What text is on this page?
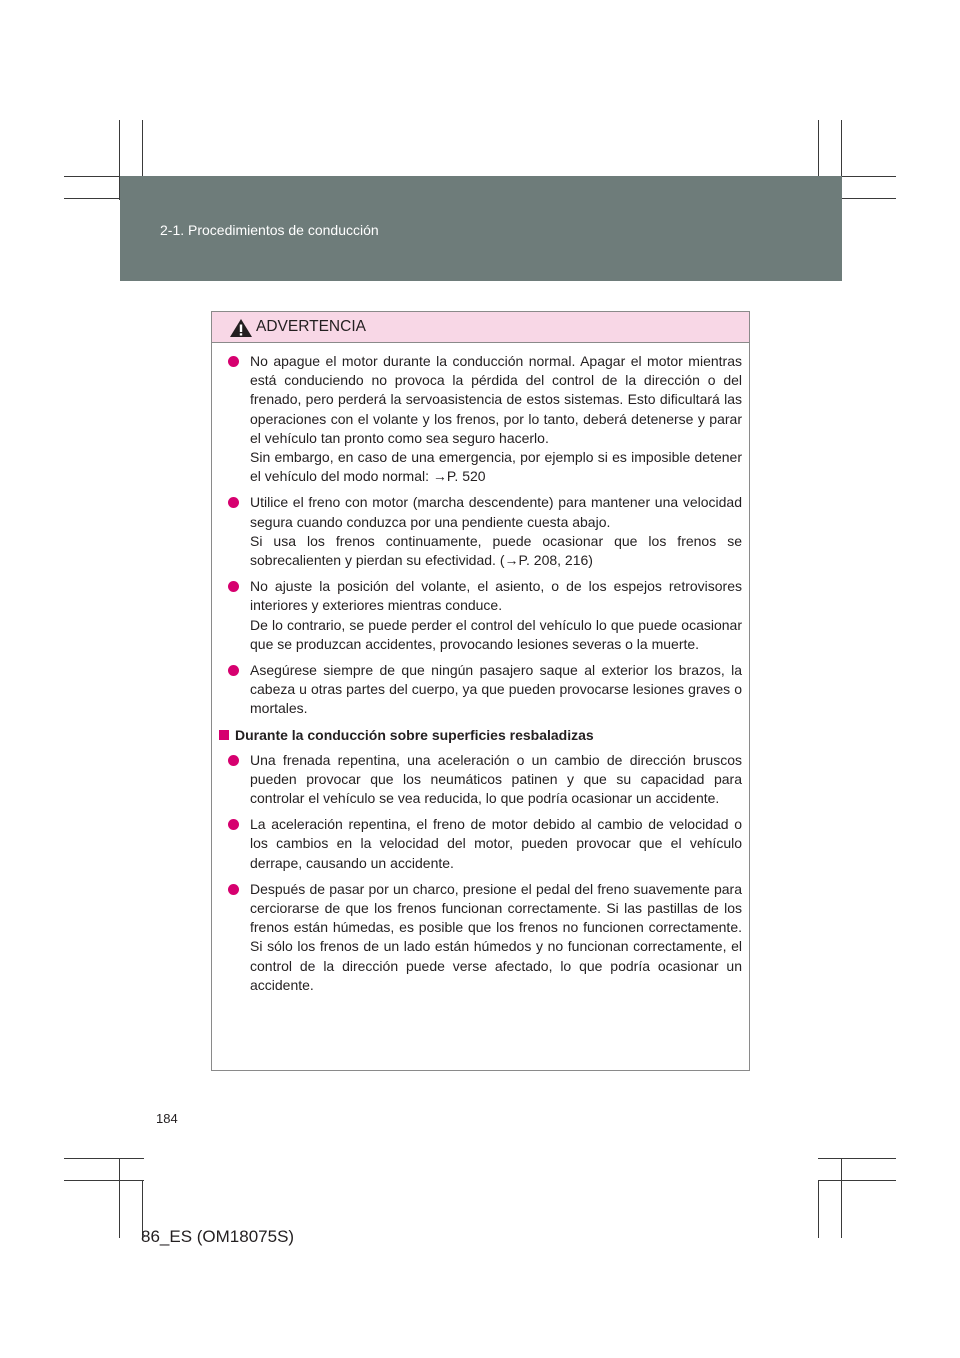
2-1. Procedimientos de conducción
ADVERTENCIA

No apague el motor durante la conducción normal. Apagar el motor mientras está conduciendo no provoca la pérdida del control de la dirección o del frenado, pero perderá la servoasistencia de estos sistemas. Esto dificultará las operaciones con el volante y los frenos, por lo tanto, deberá detenerse y parar el vehículo tan pronto como sea seguro hacerlo.

Sin embargo, en caso de una emergencia, por ejemplo si es imposible detener el vehículo del modo normal: →P. 520

Utilice el freno con motor (marcha descendente) para mantener una velocidad segura cuando conduzca por una pendiente cuesta abajo.

Si usa los frenos continuamente, puede ocasionar que los frenos se sobrecalienten y pierdan su efectividad. (→P. 208, 216)

No ajuste la posición del volante, el asiento, o de los espejos retrovisores interiores y exteriores mientras conduce.

De lo contrario, se puede perder el control del vehículo lo que puede ocasionar que se produzcan accidentes, provocando lesiones severas o la muerte.

Asegúrese siempre de que ningún pasajero saque al exterior los brazos, la cabeza u otras partes del cuerpo, ya que pueden provocarse lesiones graves o mortales.

Durante la conducción sobre superficies resbaladizas

Una frenada repentina, una aceleración o un cambio de dirección bruscos pueden provocar que los neumáticos patinen y que su capacidad para controlar el vehículo se vea reducida, lo que podría ocasionar un accidente.

La aceleración repentina, el freno de motor debido al cambio de velocidad o los cambios en la velocidad del motor, pueden provocar que el vehículo derrape, causando un accidente.

Después de pasar por un charco, presione el pedal del freno suavemente para cerciorarse de que los frenos funcionan correctamente. Si las pastillas de los frenos están húmedas, es posible que los frenos no funcionen correctamente. Si sólo los frenos de un lado están húmedos y no funcionan correctamente, el control de la dirección puede verse afectado, lo que podría ocasionar un accidente.

184
86_ES (OM18075S)
